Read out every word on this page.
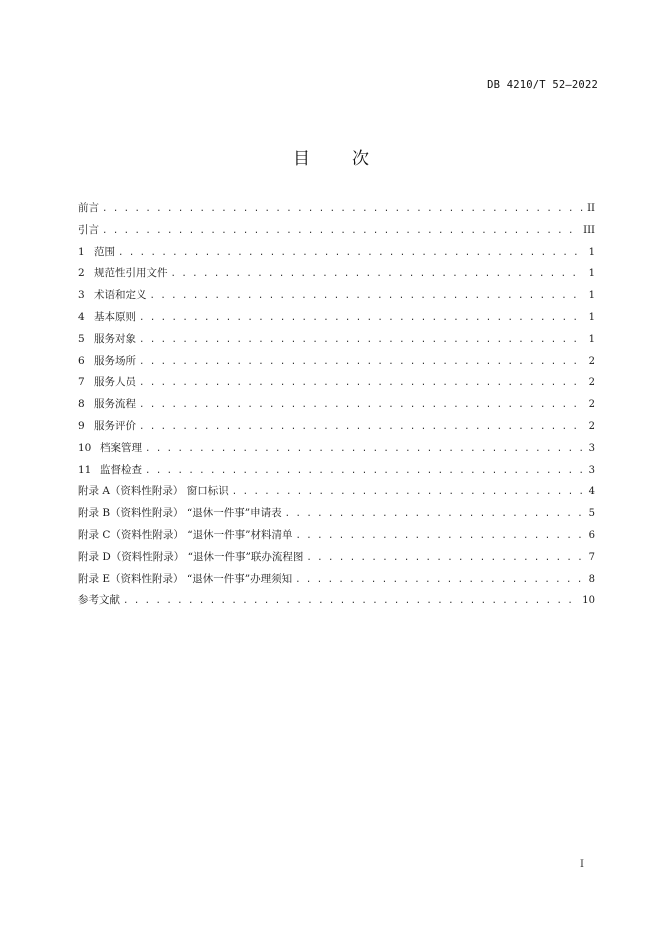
DB 4210/T 52—2022
目次
前言 . . .	II
引言 . . .	III
1 范围 . . .	1
2 规范性引用文件 . . .	1
3 术语和定义 . . .	1
4 基本原则 . . .	1
5 服务对象 . . .	1
6 服务场所 . . .	2
7 服务人员 . . .	2
8 服务流程 . . .	2
9 服务评价 . . .	2
10 档案管理 . . .	3
11 监督检查 . . .	3
附录 A（资料性附录） 窗口标识 . . .	4
附录 B（资料性附录） “退休一件事”申请表 . . .	5
附录 C（资料性附录） “退休一件事”材料清单 . . .	6
附录 D（资料性附录） “退休一件事”联办流程图 . . .	7
附录 E（资料性附录） “退休一件事”办理须知 . . .	8
参考文献 . . .	10
I
